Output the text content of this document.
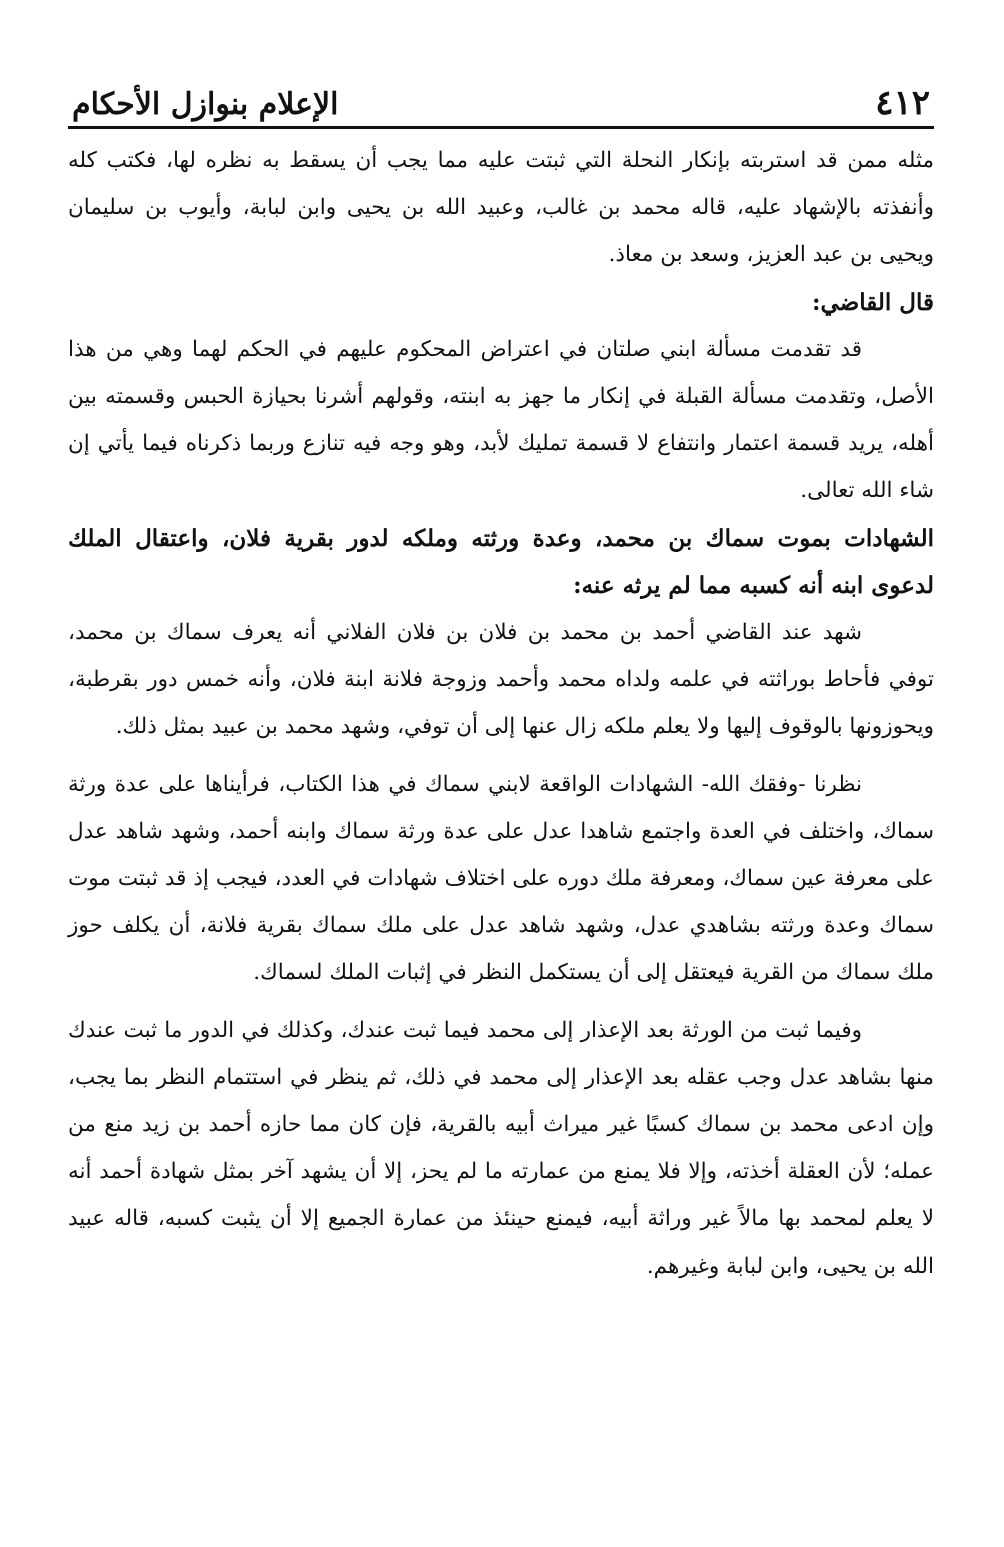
٤١٢
الإعلام بنوازل الأحكام

مثله ممن قد استربته بإنكار النحلة التي ثبتت عليه مما يجب أن يسقط به نظره لها، فكتب كله وأنفذته بالإشهاد عليه، قاله محمد بن غالب، وعبيد الله بن يحيى وابن لبابة، وأيوب بن سليمان ويحيى بن عبد العزيز، وسعد بن معاذ.

قال القاضي:

قد تقدمت مسألة ابني صلتان في اعتراض المحكوم عليهم في الحكم لهما وهي من هذا الأصل، وتقدمت مسألة القبلة في إنكار ما جهز به ابنته، وقولهم أشرنا بحيازة الحبس وقسمته بين أهله، يريد قسمة اعتمار وانتفاع لا قسمة تمليك لأبد، وهو وجه فيه تنازع وربما ذكرناه فيما يأتي إن شاء الله تعالى.

الشهادات بموت سماك بن محمد، وعدة ورثته وملكه لدور بقرية فلان، واعتقال الملك لدعوى ابنه أنه كسبه مما لم يرثه عنه:

شهد عند القاضي أحمد بن محمد بن فلان بن فلان الفلاني أنه يعرف سماك بن محمد، توفي فأحاط بوراثته في علمه ولداه محمد وأحمد وزوجة فلانة ابنة فلان، وأنه خمس دور بقرطبة، ويحوزونها بالوقوف إليها ولا يعلم ملكه زال عنها إلى أن توفي، وشهد محمد بن عبيد بمثل ذلك.

نظرنا -وفقك الله- الشهادات الواقعة لابني سماك في هذا الكتاب، فرأيناها على عدة ورثة سماك، واختلف في العدة واجتمع شاهدا عدل على عدة ورثة سماك وابنه أحمد، وشهد شاهد عدل على معرفة عين سماك، ومعرفة ملك دوره على اختلاف شهادات في العدد، فيجب إذ قد ثبتت موت سماك وعدة ورثته بشاهدي عدل، وشهد شاهد عدل على ملك سماك بقرية فلانة، أن يكلف حوز ملك سماك من القرية فيعتقل إلى أن يستكمل النظر في إثبات الملك لسماك.

وفيما ثبت من الورثة بعد الإعذار إلى محمد فيما ثبت عندك، وكذلك في الدور ما ثبت عندك منها بشاهد عدل وجب عقله بعد الإعذار إلى محمد في ذلك، ثم ينظر في استتمام النظر بما يجب، وإن ادعى محمد بن سماك كسبًا غير ميراث أبيه بالقرية، فإن كان مما حازه أحمد بن زيد منع من عمله؛ لأن العقلة أخذته، وإلا فلا يمنع من عمارته ما لم يحز، إلا أن يشهد آخر بمثل شهادة أحمد أنه لا يعلم لمحمد بها مالاً غير وراثة أبيه، فيمنع حينئذ من عمارة الجميع إلا أن يثبت كسبه، قاله عبيد الله بن يحيى، وابن لبابة وغيرهم.
